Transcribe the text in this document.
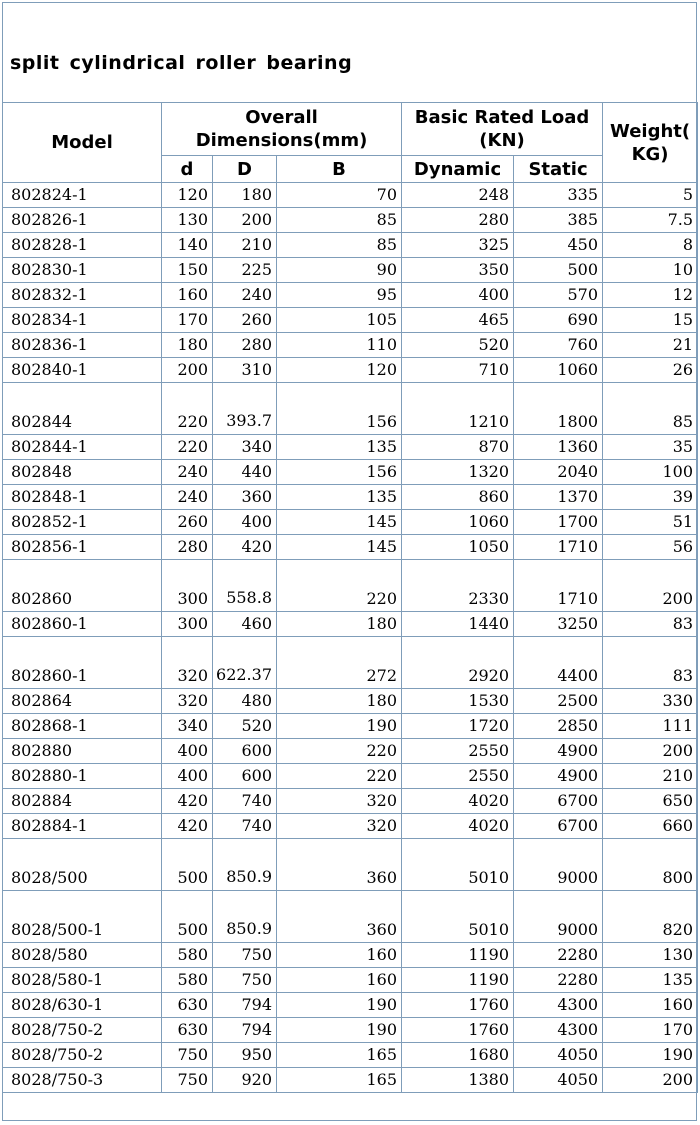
split cylindrical roller bearing
Model	Overall Dimensions(mm)			Basic Rated Load (KN)		Weight( KG)
	d	D	B	Dynamic	Static	
802824-1	120	180	70	248	335	5
802826-1	130	200	85	280	385	7.5
802828-1	140	210	85	325	450	8
802830-1	150	225	90	350	500	10
802832-1	160	240	95	400	570	12
802834-1	170	260	105	465	690	15
802836-1	180	280	110	520	760	21
802840-1	200	310	120	710	1060	26
802844	220	393.7	156	1210	1800	85
802844-1	220	340	135	870	1360	35
802848	240	440	156	1320	2040	100
802848-1	240	360	135	860	1370	39
802852-1	260	400	145	1060	1700	51
802856-1	280	420	145	1050	1710	56
802860	300	558.8	220	2330	1710	200
802860-1	300	460	180	1440	3250	83
802860-1	320	622.37	272	2920	4400	83
802864	320	480	180	1530	2500	330
802868-1	340	520	190	1720	2850	111
802880	400	600	220	2550	4900	200
802880-1	400	600	220	2550	4900	210
802884	420	740	320	4020	6700	650
802884-1	420	740	320	4020	6700	660
8028/500	500	850.9	360	5010	9000	800
8028/500-1	500	850.9	360	5010	9000	820
8028/580	580	750	160	1190	2280	130
8028/580-1	580	750	160	1190	2280	135
8028/630-1	630	794	190	1760	4300	160
8028/750-2	630	794	190	1760	4300	170
8028/750-2	750	950	165	1680	4050	190
8028/750-3	750	920	165	1380	4050	200
